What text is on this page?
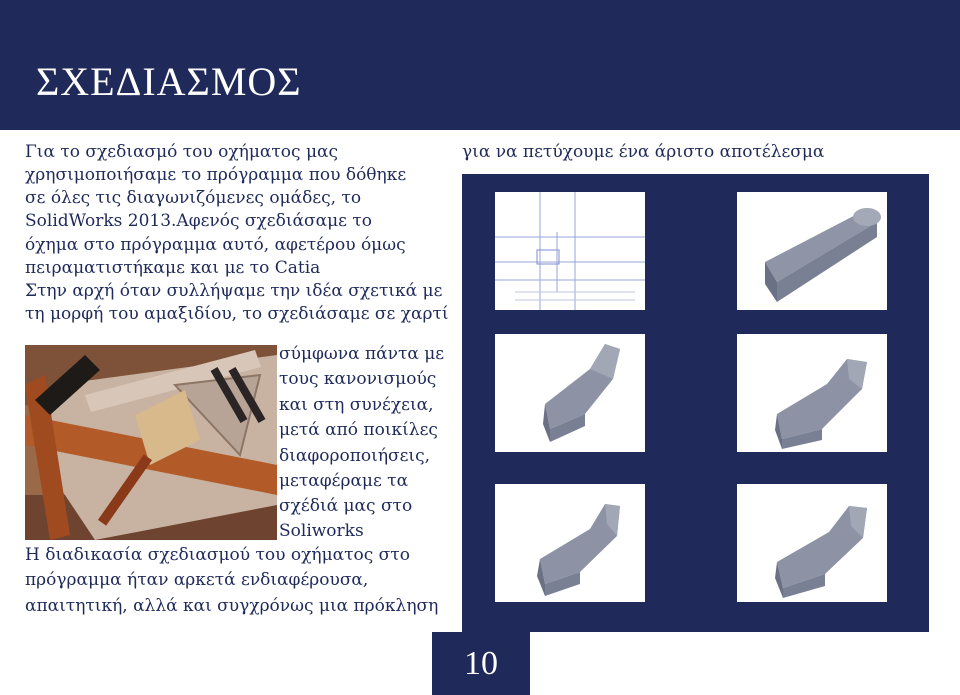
ΣΧΕΔΙΑΣΜΟΣ
Για το σχεδιασμό του οχήματος μας
χρησιμοποιήσαμε το πρόγραμμα που δόθηκε
σε όλες τις διαγωνιζόμενες ομάδες, το
SolidWorks 2013.Αφενός σχεδιάσαμε το
όχημα στο πρόγραμμα αυτό, αφετέρου όμως
πειραματιστήκαμε και με το Catia
Στην αρχή όταν συλλήψαμε την ιδέα σχετικά με
τη μορφή του αμαξιδίου, το σχεδιάσαμε σε χαρτί
σύμφωνα πάντα με
τους κανονισμούς
και στη συνέχεια,
μετά από ποικίλες
διαφοροποιήσεις,
μεταφέραμε τα
σχέδιά μας στο
Soliworks
Η διαδικασία σχεδιασμού του οχήματος στο
πρόγραμμα ήταν αρκετά ενδιαφέρουσα,
απαιτητική, αλλά και συγχρόνως μια πρόκληση
για να πετύχουμε ένα άριστο αποτέλεσμα
10
